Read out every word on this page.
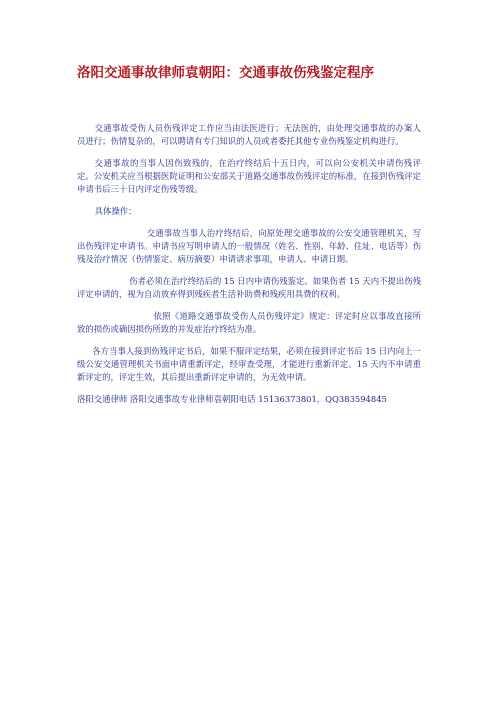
洛阳交通事故律师袁朝阳：交通事故伤残鉴定程序

交通事故受伤人员伤残评定工作应当由法医进行；无法医的，由处理交通事故的办案人员进行；伤情复杂的，可以聘请有专门知识的人员或者委托其他专业伤残鉴定机构进行。

交通事故的当事人因伤致残的，在治疗终结后十五日内，可以向公安机关申请伤残评定。公安机关应当根据医院证明和公安部关于道路交通事故伤残评定的标准，在接到伤残评定申请书后三十日内评定伤残等级。

具体操作：

交通事故当事人治疗终结后，向原处理交通事故的公安交通管理机关，写出伤残评定申请书。申请书应写明申请人的一般情况（姓名、性别、年龄、住址、电话等）伤残及治疗情况（伤情鉴定、病历摘要）申请请求事项，申请人、申请日期。

伤者必须在治疗终结后的 15 日内申请伤残鉴定。如果伤者 15 天内不提出伤残评定申请的，视为自动放弃得到残疾者生活补助费和残疾用具费的权利。

依照《道路交通事故受伤人员伤残评定》规定：评定时应以事故直接所致的损伤或确因损伤所致的并发症治疗终结为准。

各方当事人接到伤残评定书后，如果不服评定结果，必须在接到评定书后 15 日内向上一级公安交通管理机关书面申请重新评定，经审查受理，才能进行重新评定。15 天内不申请重新评定的，评定生效，其后提出重新评定申请的，为无效申请。

洛阳交通律师 洛阳交通事故专业律师袁朝阳电话 15136373801，QQ383594845
